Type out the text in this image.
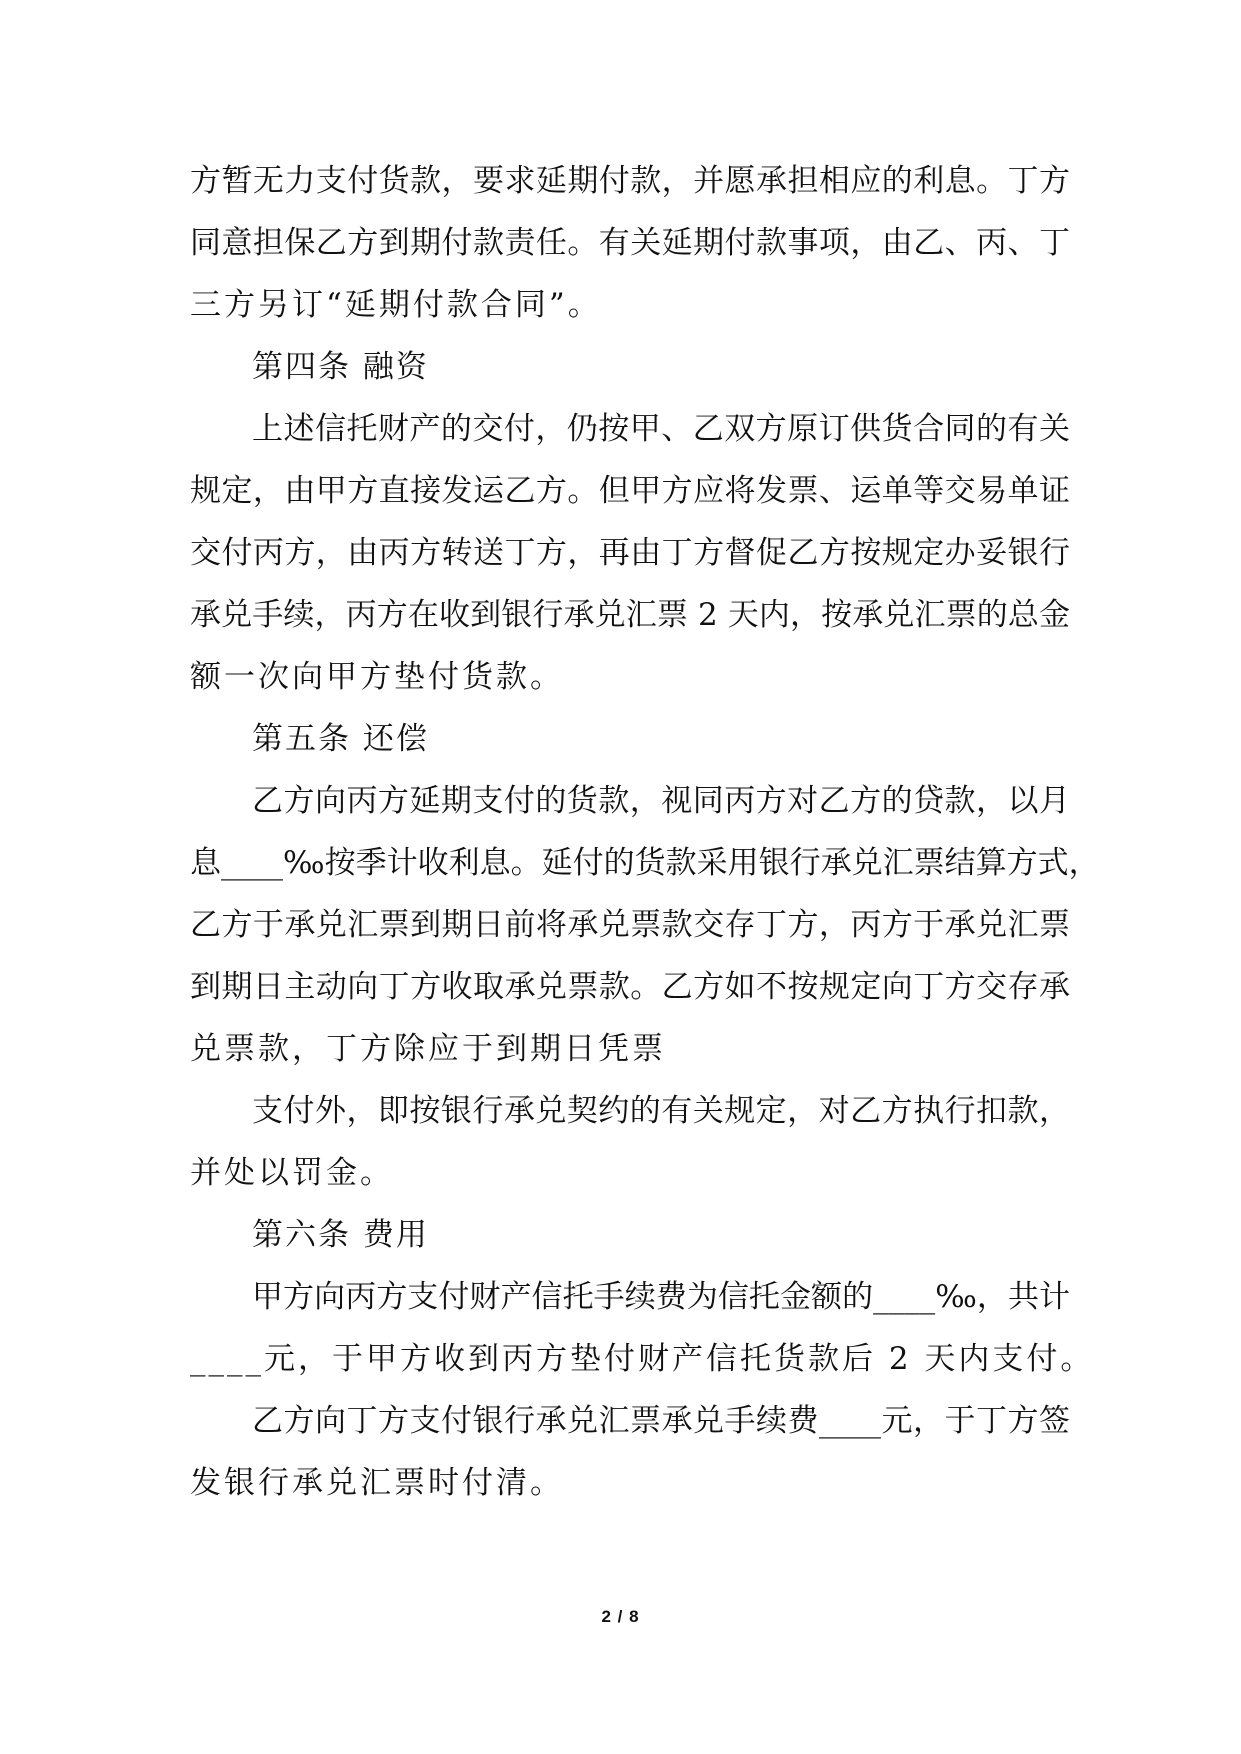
方暂无力支付货款，要求延期付款，并愿承担相应的利息。丁方
同意担保乙方到期付款责任。有关延期付款事项，由乙、丙、丁
三方另订“延期付款合同”。
第四条 融资
上述信托财产的交付，仍按甲、乙双方原订供货合同的有关
规定，由甲方直接发运乙方。但甲方应将发票、运单等交易单证
交付丙方，由丙方转送丁方，再由丁方督促乙方按规定办妥银行
承兑手续，丙方在收到银行承兑汇票 2 天内，按承兑汇票的总金
额一次向甲方垫付货款。
第五条 还偿
乙方向丙方延期支付的货款，视同丙方对乙方的贷款，以月
息____‰按季计收利息。延付的货款采用银行承兑汇票结算方式，
乙方于承兑汇票到期日前将承兑票款交存丁方，丙方于承兑汇票
到期日主动向丁方收取承兑票款。乙方如不按规定向丁方交存承
兑票款，丁方除应于到期日凭票
支付外，即按银行承兑契约的有关规定，对乙方执行扣款，
并处以罚金。
第六条 费用
甲方向丙方支付财产信托手续费为信托金额的____‰，共计
____元，于甲方收到丙方垫付财产信托货款后 2 天内支付。
乙方向丁方支付银行承兑汇票承兑手续费____元，于丁方签
发银行承兑汇票时付清。
2 / 8
